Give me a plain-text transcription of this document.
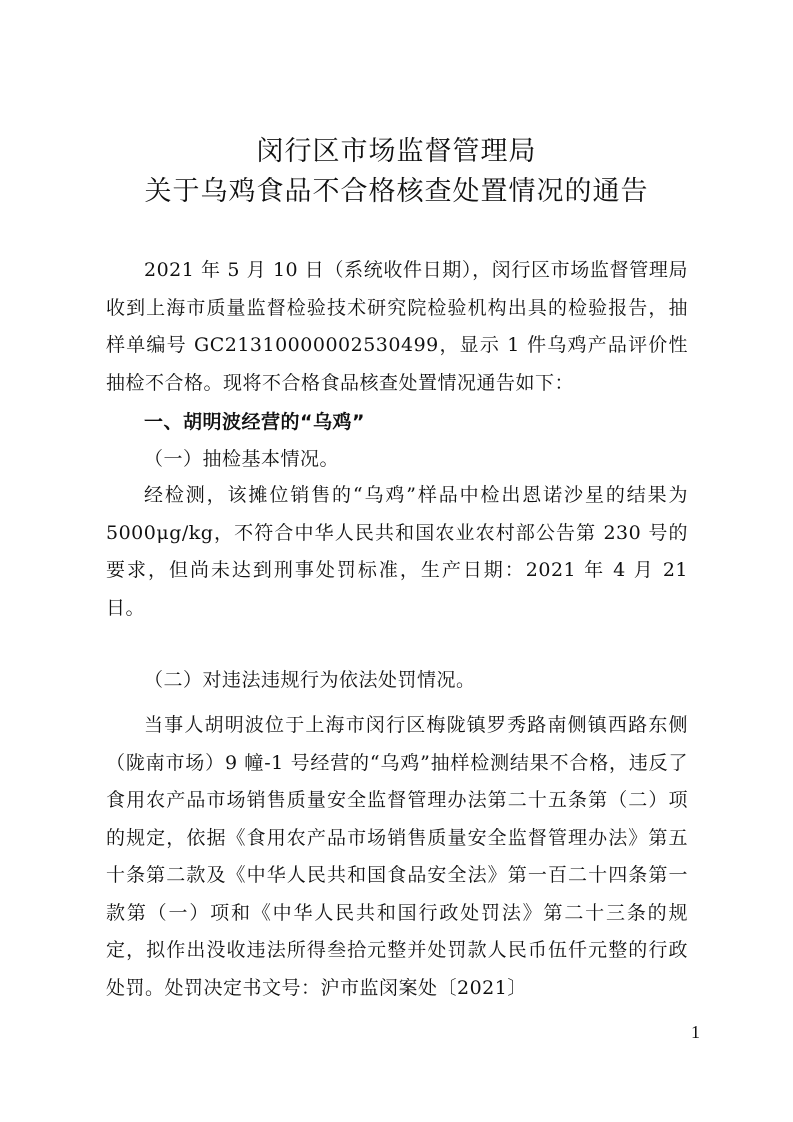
闵行区市场监督管理局
关于乌鸡食品不合格核查处置情况的通告
2021 年 5 月 10 日（系统收件日期），闵行区市场监督管理局收到上海市质量监督检验技术研究院检验机构出具的检验报告，抽样单编号 GC21310000002530499，显示 1 件乌鸡产品评价性抽检不合格。现将不合格食品核查处置情况通告如下：
一、胡明波经营的“乌鸡”
（一）抽检基本情况。
经检测，该摊位销售的“乌鸡”样品中检出恩诺沙星的结果为 5000μg/kg，不符合中华人民共和国农业农村部公告第 230 号的要求，但尚未达到刑事处罚标准，生产日期：2021 年 4 月 21 日。
（二）对违法违规行为依法处罚情况。
当事人胡明波位于上海市闵行区梅陇镇罗秀路南侧镇西路东侧（陇南市场）9 幢-1 号经营的“乌鸡”抽样检测结果不合格，违反了食用农产品市场销售质量安全监督管理办法第二十五条第（二）项的规定，依据《食用农产品市场销售质量安全监督管理办法》第五十条第二款及《中华人民共和国食品安全法》第一百二十四条第一款第（一）项和《中华人民共和国行政处罚法》第二十三条的规定，拟作出没收违法所得叁拾元整并处罚款人民币伍仟元整的行政处罚。处罚决定书文号：沪市监闵案处〔2021〕
1
